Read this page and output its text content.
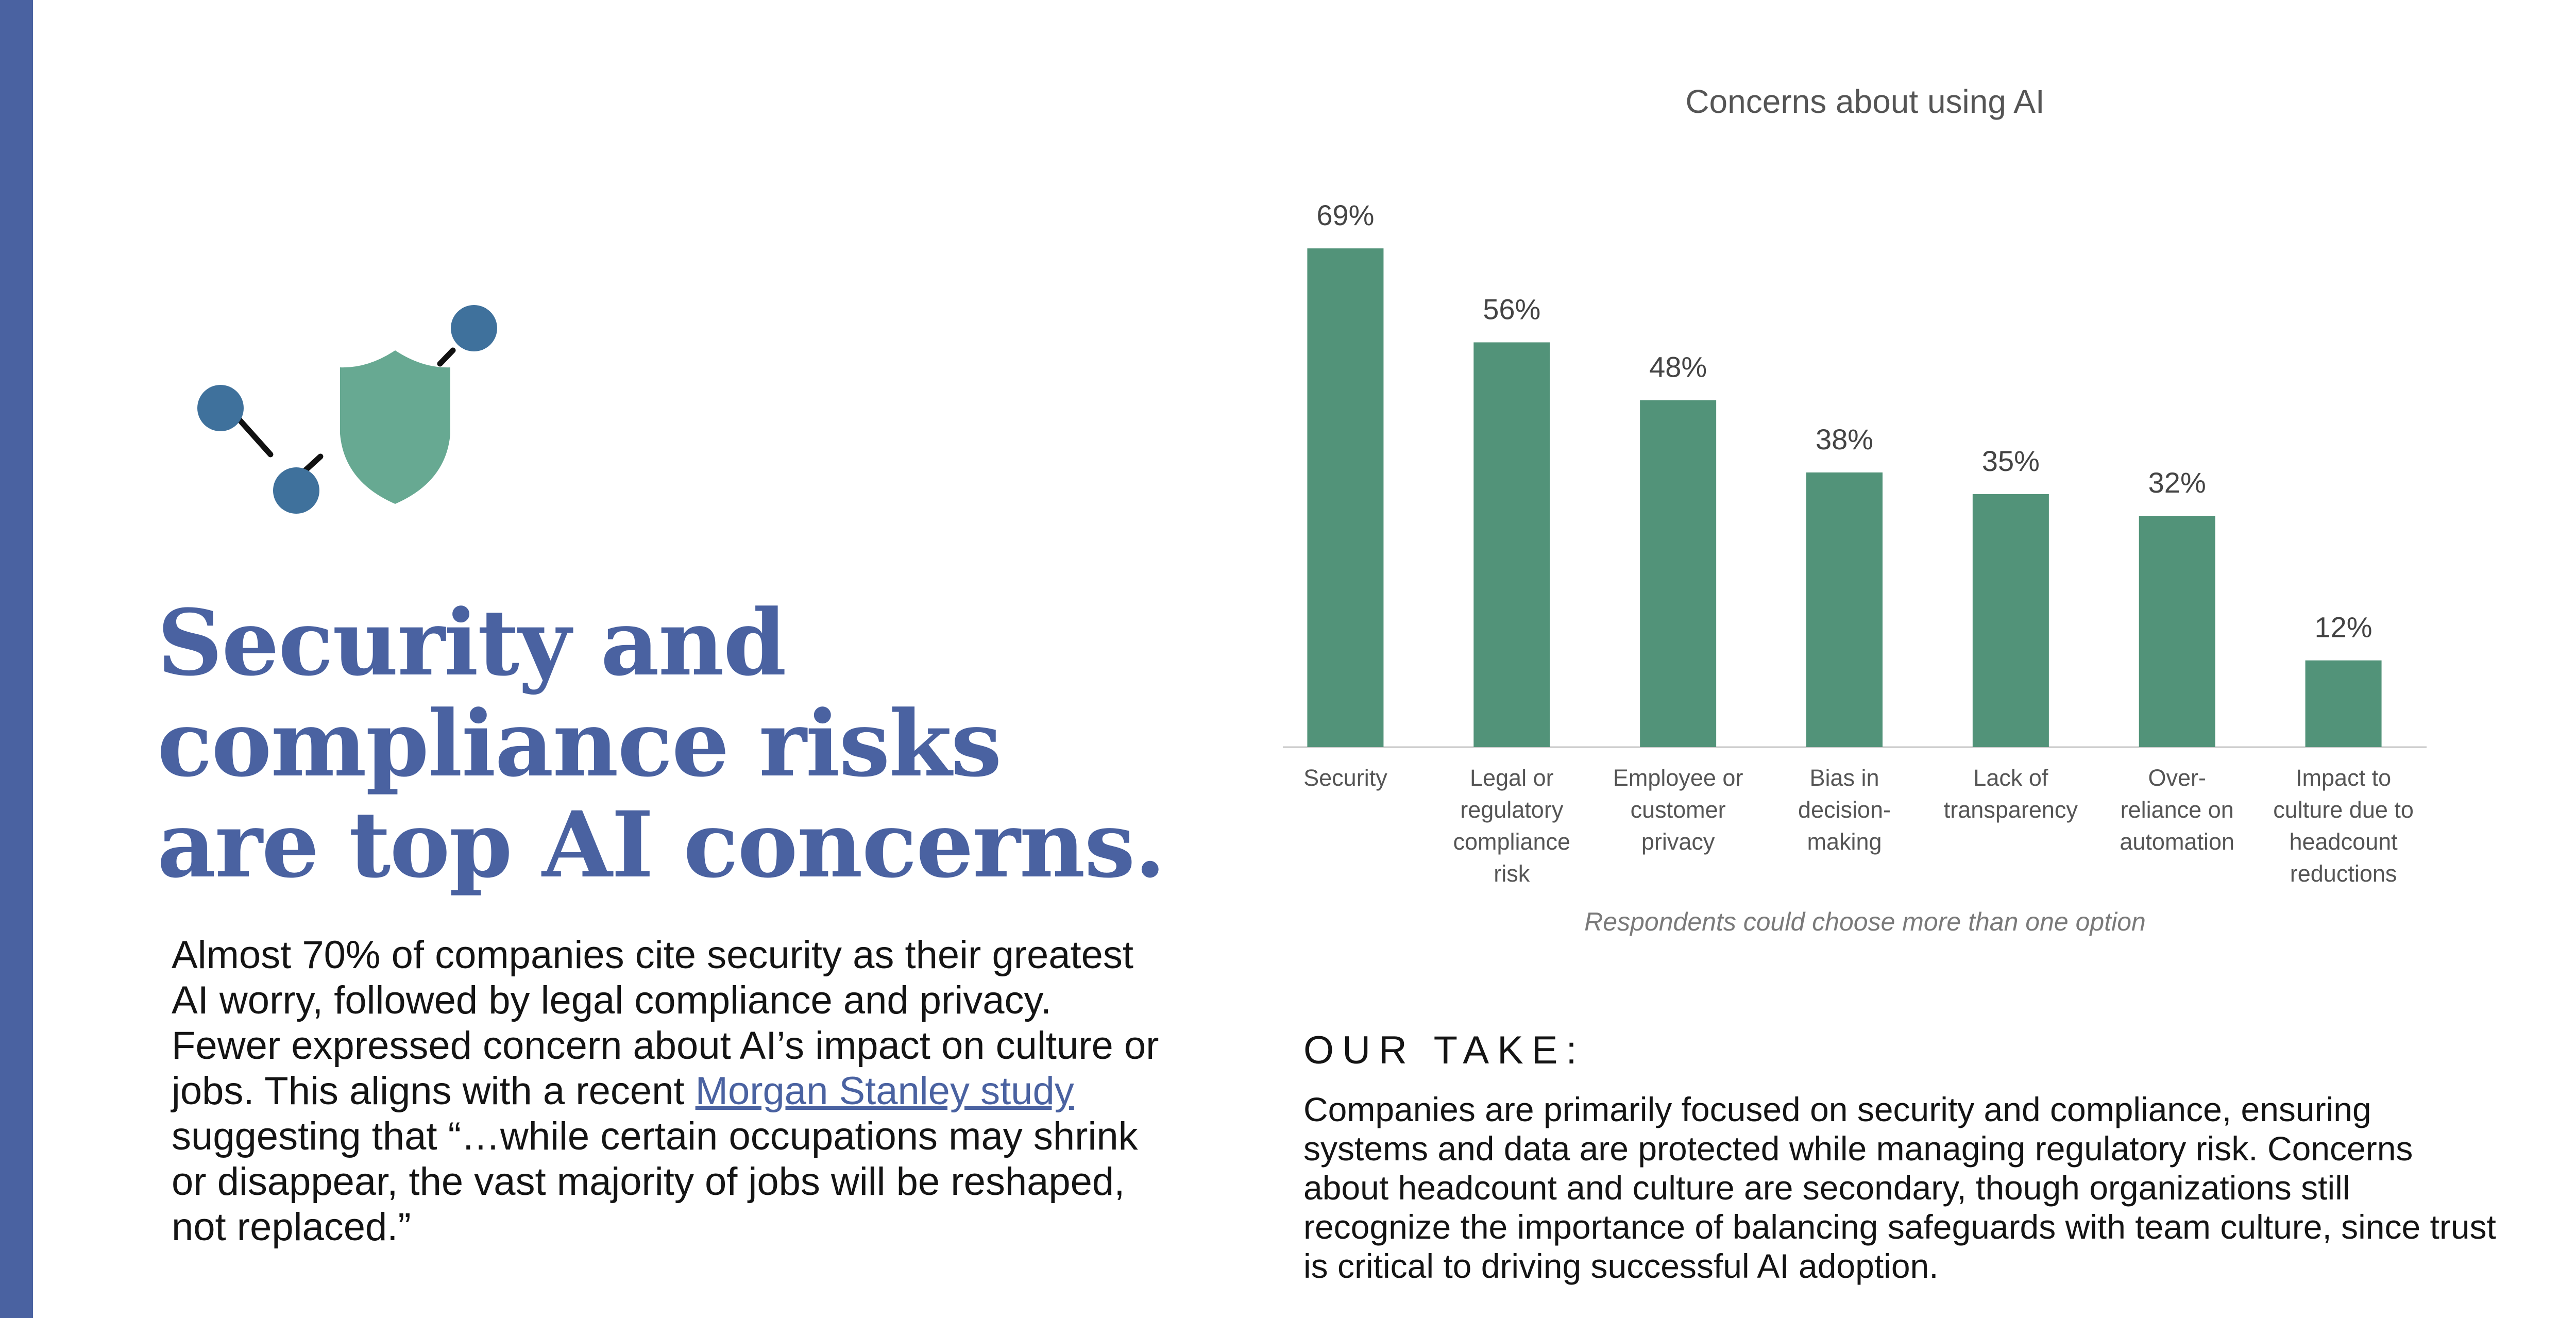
Security and
compliance risks
are top AI concerns.

Almost 70% of companies cite security as their greatest AI worry, followed by legal compliance and privacy. Fewer expressed concern about AI’s impact on culture or jobs. This aligns with a recent Morgan Stanley study suggesting that “…while certain occupations may shrink or disappear, the vast majority of jobs will be reshaped, not replaced.”

Concerns about using AI
69%
Security
56%
Legal or regulatory compliance risk
48%
Employee or customer privacy
38%
Bias in decision-making
35%
Lack of transparency
32%
Over-reliance on automation
12%
Impact to culture due to headcount reductions
Respondents could choose more than one option
OUR TAKE:

Companies are primarily focused on security and compliance, ensuring systems and data are protected while managing regulatory risk. Concerns about headcount and culture are secondary, though organizations still recognize the importance of balancing safeguards with team culture, since trust is critical to driving successful AI adoption.
